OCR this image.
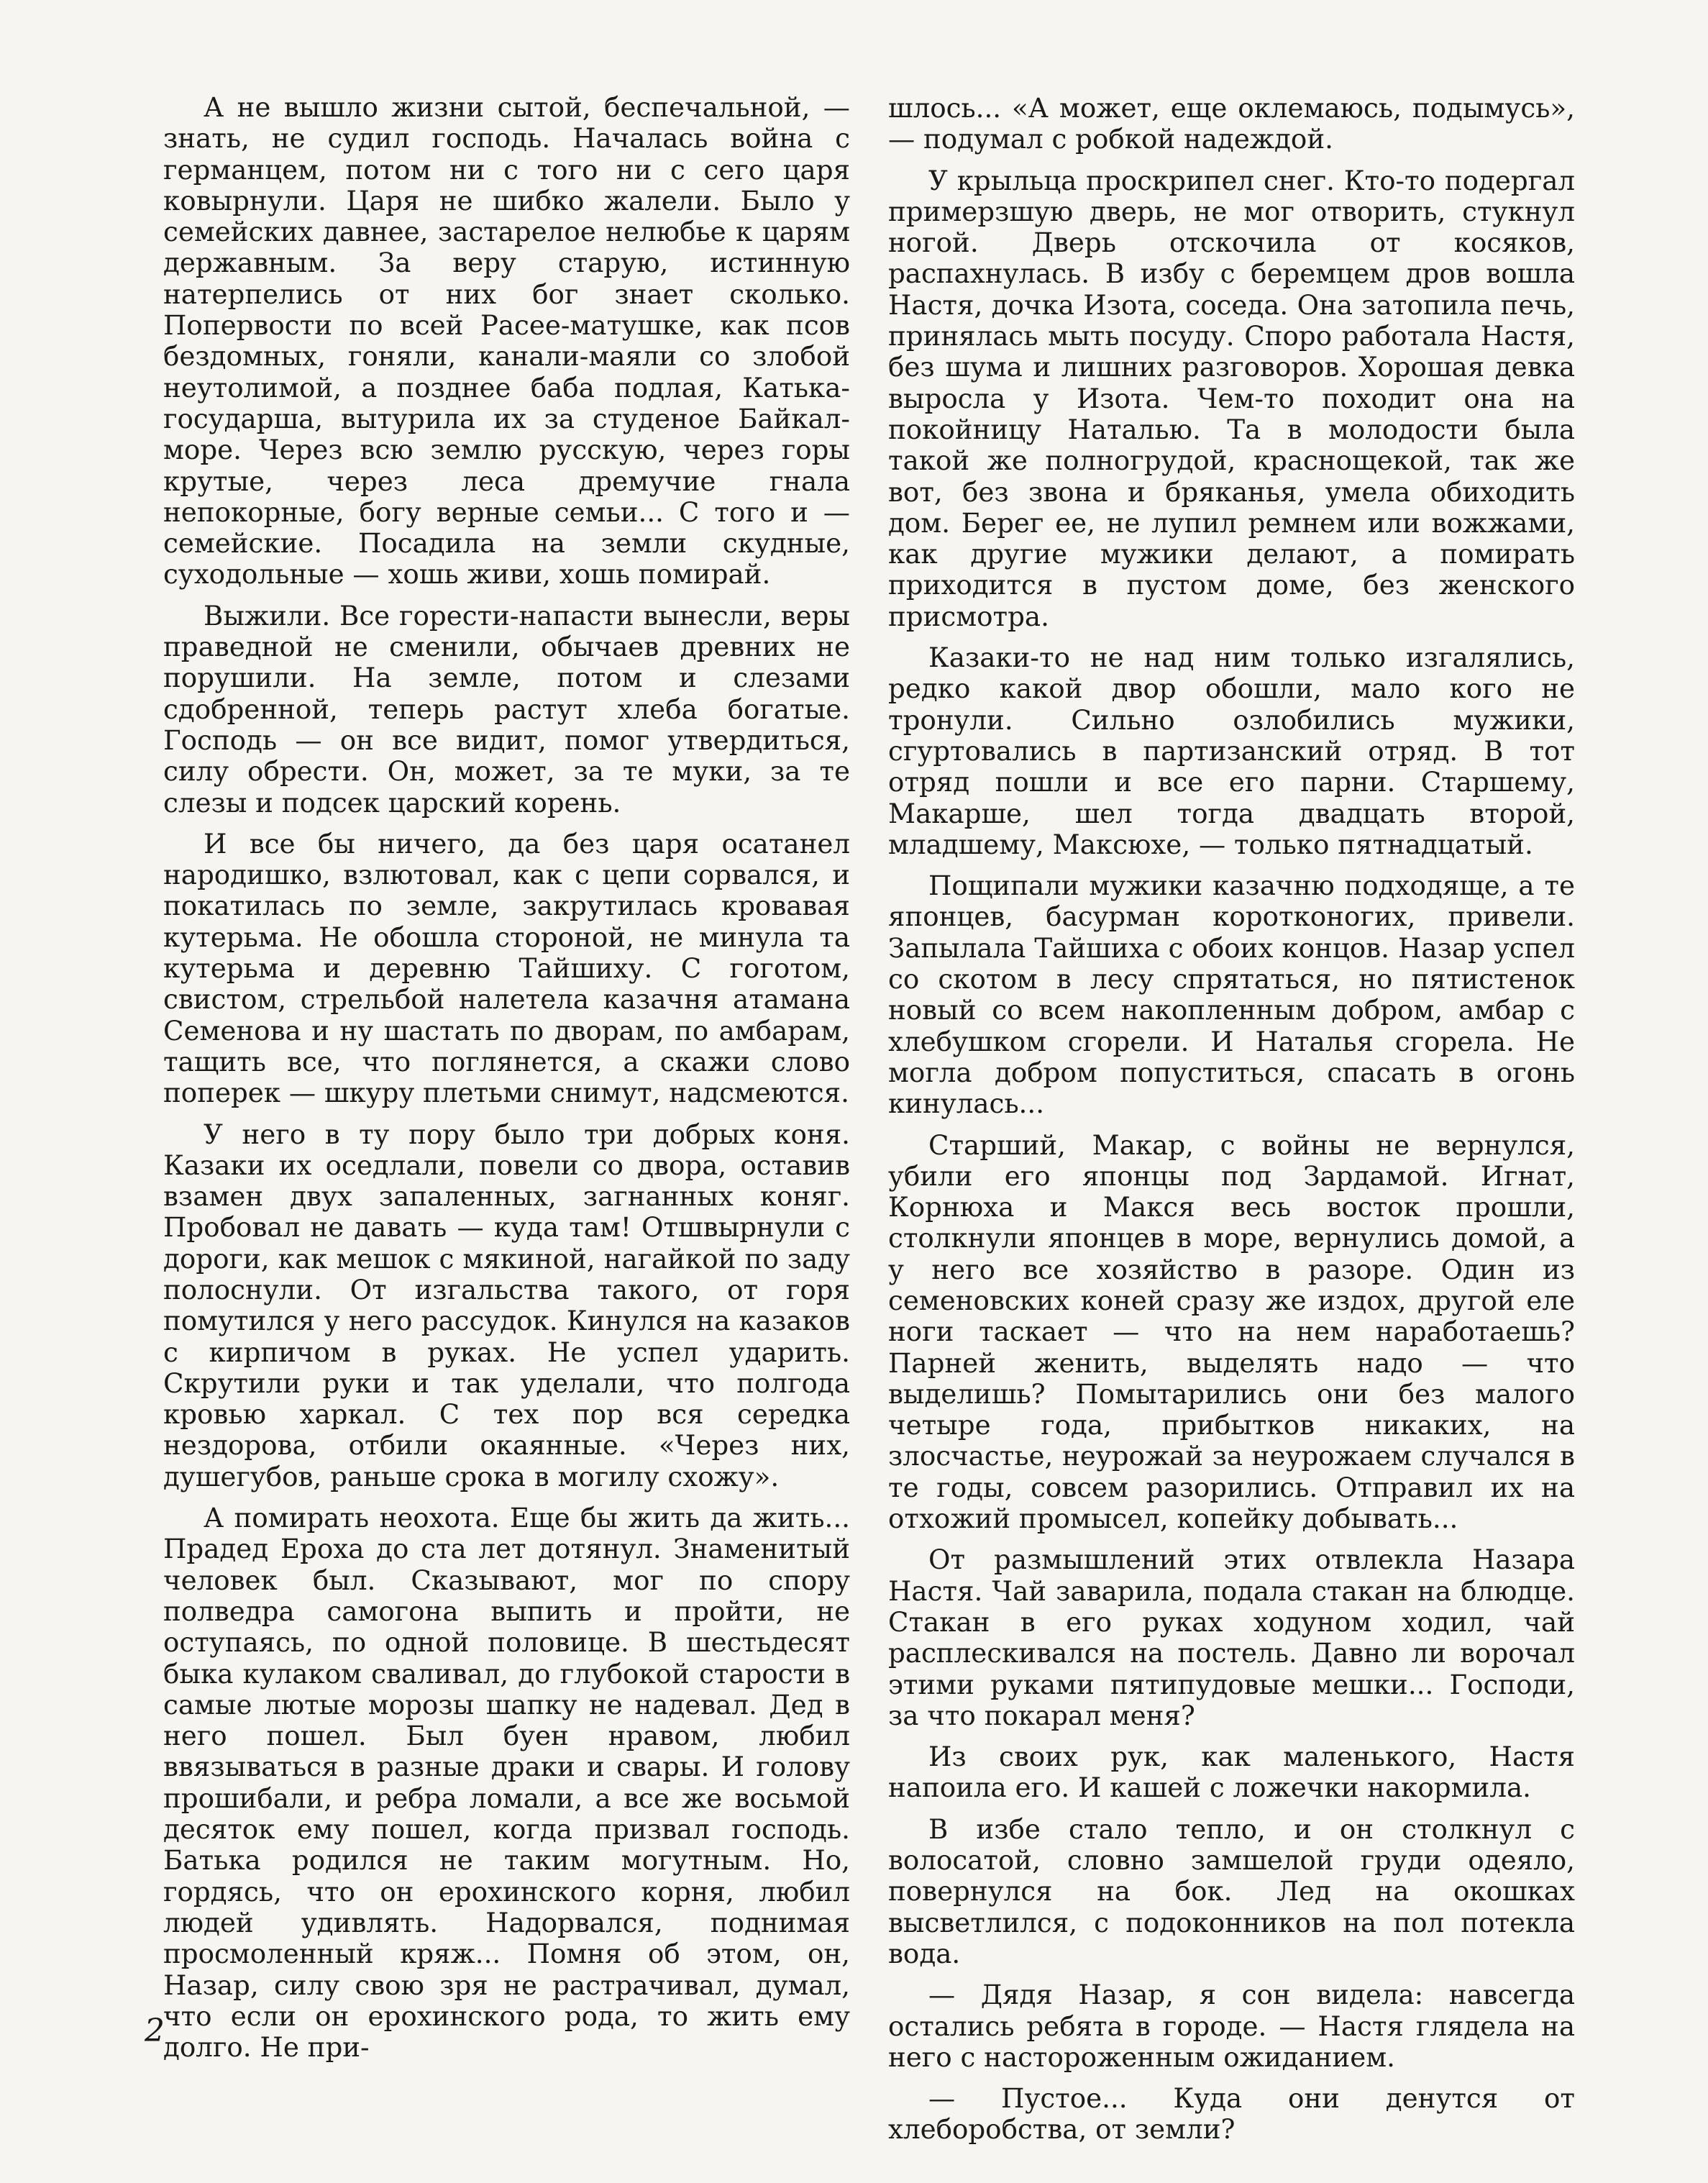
А не вышло жизни сытой, беспечальной, — знать, не судил господь. Началась война с германцем, потом ни с того ни с сего царя ковырнули. Царя не шибко жалели. Было у семейских давнее, застарелое нелюбье к царям державным. За веру старую, истинную натерпелись от них бог знает сколько. Попервости по всей Расее-матушке, как псов бездомных, гоняли, канали-маяли со злобой неутолимой, а позднее баба подлая, Катька-государша, вытурила их за студеное Байкал-море. Через всю землю русскую, через горы крутые, через леса дремучие гнала непокорные, богу верные семьи... С того и — семейские. Посадила на земли скудные, суходольные — хошь живи, хошь помирай.

Выжили. Все горести-напасти вынесли, веры праведной не сменили, обычаев древних не порушили. На земле, потом и слезами сдобренной, теперь растут хлеба богатые. Господь — он все видит, помог утвердиться, силу обрести. Он, может, за те муки, за те слезы и подсек царский корень.

И все бы ничего, да без царя осатанел народишко, взлютовал, как с цепи сорвался, и покатилась по земле, закрутилась кровавая кутерьма. Не обошла стороной, не минула та кутерьма и деревню Тайшиху. С гоготом, свистом, стрельбой налетела казачня атамана Семенова и ну шастать по дворам, по амбарам, тащить все, что поглянется, а скажи слово поперек — шкуру плетьми снимут, надсмеются.

У него в ту пору было три добрых коня. Казаки их оседлали, повели со двора, оставив взамен двух запаленных, загнанных коняг. Пробовал не давать — куда там! Отшвырнули с дороги, как мешок с мякиной, нагайкой по заду полоснули. От изгальства такого, от горя помутился у него рассудок. Кинулся на казаков с кирпичом в руках. Не успел ударить. Скрутили руки и так уделали, что полгода кровью харкал. С тех пор вся середка нездорова, отбили окаянные. «Через них, душегубов, раньше срока в могилу схожу».

А помирать неохота. Еще бы жить да жить... Прадед Ероха до ста лет дотянул. Знаменитый человек был. Сказывают, мог по спору полведра самогона выпить и пройти, не оступаясь, по одной половице. В шестьдесят быка кулаком сваливал, до глубокой старости в самые лютые морозы шапку не надевал. Дед в него пошел. Был буен нравом, любил ввязываться в разные драки и свары. И голову прошибали, и ребра ломали, а все же восьмой десяток ему пошел, когда призвал господь. Батька родился не таким могутным. Но, гордясь, что он ерохинского корня, любил людей удивлять. Надорвался, поднимая просмоленный кряж... Помня об этом, он, Назар, силу свою зря не растрачивал, думал, что если он ерохинского рода, то жить ему долго. Не при-

шлось... «А может, еще оклемаюсь, подымусь», — подумал с робкой надеждой.

У крыльца проскрипел снег. Кто-то подергал примерзшую дверь, не мог отворить, стукнул ногой. Дверь отскочила от косяков, распахнулась. В избу с беремцем дров вошла Настя, дочка Изота, соседа. Она затопила печь, принялась мыть посуду. Споро работала Настя, без шума и лишних разговоров. Хорошая девка выросла у Изота. Чем-то походит она на покойницу Наталью. Та в молодости была такой же полногрудой, краснощекой, так же вот, без звона и бряканья, умела обиходить дом. Берег ее, не лупил ремнем или вожжами, как другие мужики делают, а помирать приходится в пустом доме, без женского присмотра.

Казаки-то не над ним только изгалялись, редко какой двор обошли, мало кого не тронули. Сильно озлобились мужики, сгуртовались в партизанский отряд. В тот отряд пошли и все его парни. Старшему, Макарше, шел тогда двадцать второй, младшему, Максюхе, — только пятнадцатый.

Пощипали мужики казачню подходяще, а те японцев, басурман коротконогих, привели. Запылала Тайшиха с обоих концов. Назар успел со скотом в лесу спрятаться, но пятистенок новый со всем накопленным добром, амбар с хлебушком сгорели. И Наталья сгорела. Не могла добром попуститься, спасать в огонь кинулась...

Старший, Макар, с войны не вернулся, убили его японцы под Зардамой. Игнат, Корнюха и Макся весь восток прошли, столкнули японцев в море, вернулись домой, а у него все хозяйство в разоре. Один из семеновских коней сразу же издох, другой еле ноги таскает — что на нем наработаешь? Парней женить, выделять надо — что выделишь? Помытарились они без малого четыре года, прибытков никаких, на злосчастье, неурожай за неурожаем случался в те годы, совсем разорились. Отправил их на отхожий промысел, копейку добывать...

От размышлений этих отвлекла Назара Настя. Чай заварила, подала стакан на блюдце. Стакан в его руках ходуном ходил, чай расплескивался на постель. Давно ли ворочал этими руками пятипудовые мешки... Господи, за что покарал меня?

Из своих рук, как маленького, Настя напоила его. И кашей с ложечки накормила.

В избе стало тепло, и он столкнул с волосатой, словно замшелой груди одеяло, повернулся на бок. Лед на окошках высветлился, с подоконников на пол потекла вода.

— Дядя Назар, я сон видела: навсегда остались ребята в городе. — Настя глядела на него с настороженным ожиданием.

— Пустое... Куда они денутся от хлеборобства, от земли?

2
